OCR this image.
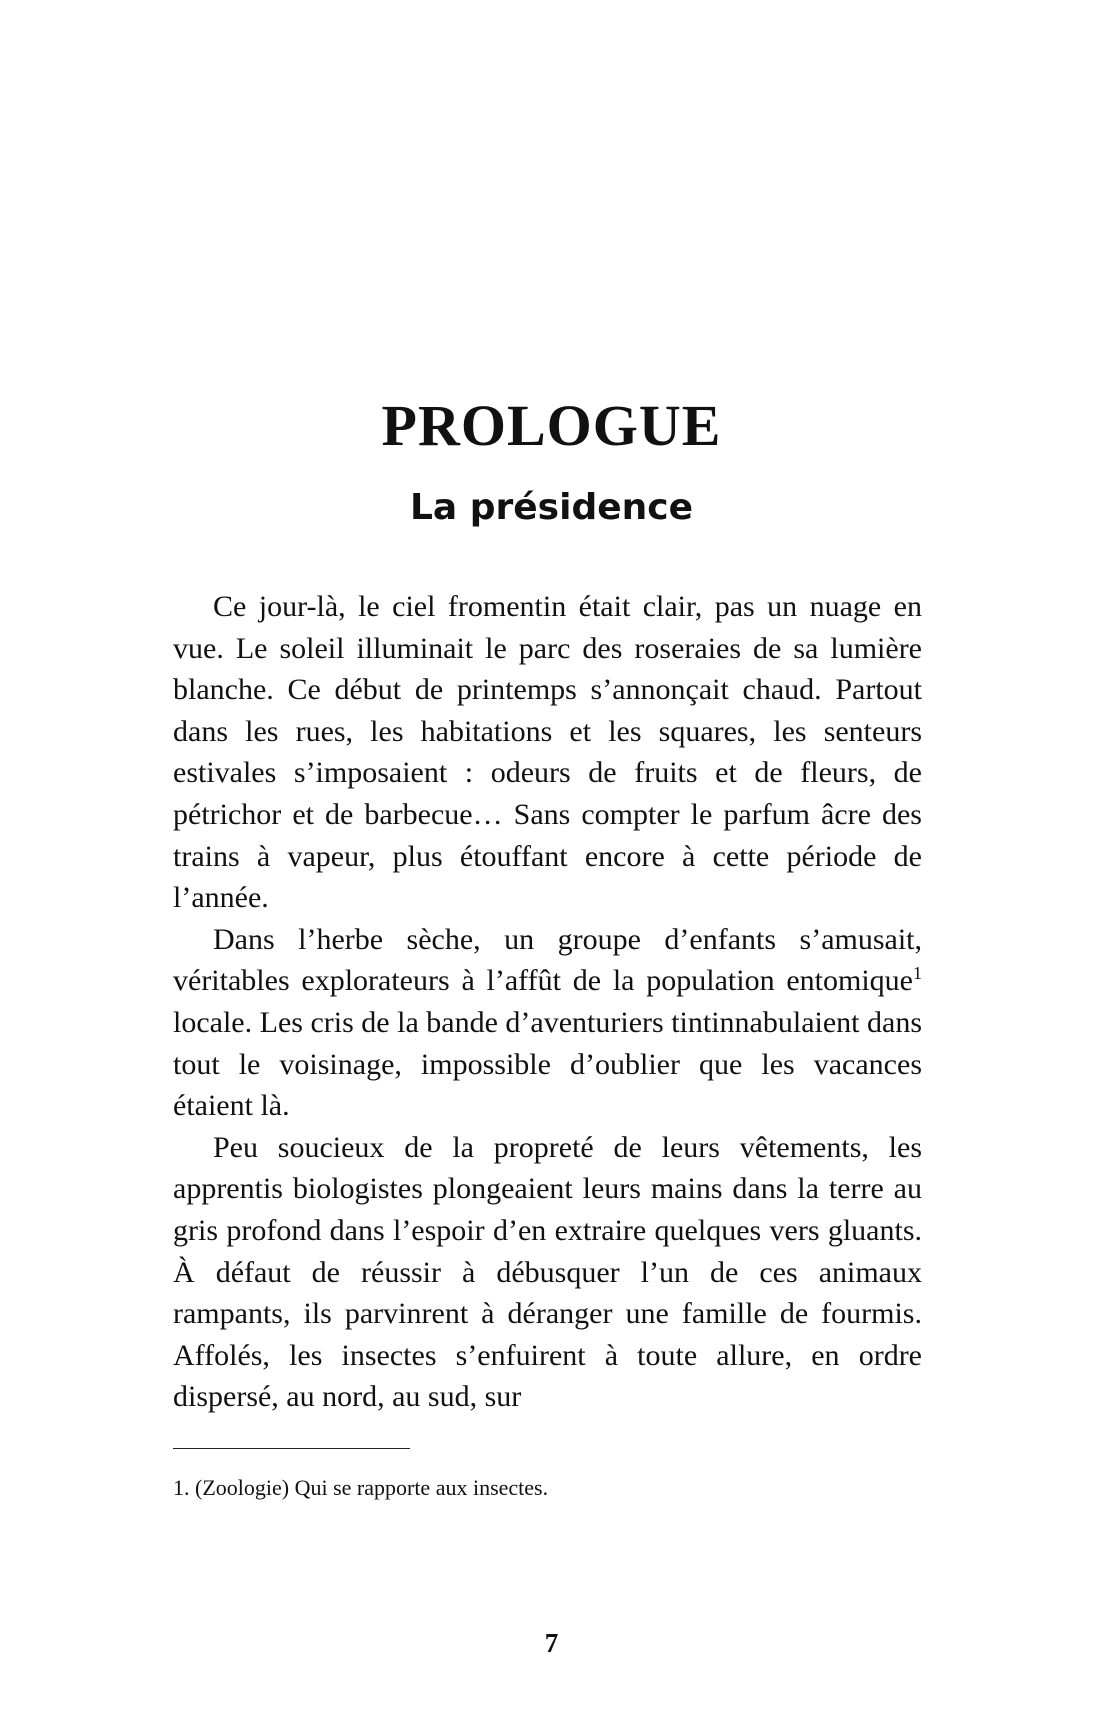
PROLOGUE
La présidence

Ce jour-là, le ciel fromentin était clair, pas un nuage en vue. Le soleil illuminait le parc des roseraies de sa lumière blanche. Ce début de printemps s’annonçait chaud. Partout dans les rues, les habitations et les squares, les senteurs estivales s’imposaient : odeurs de fruits et de fleurs, de pétrichor et de barbecue… Sans compter le parfum âcre des trains à vapeur, plus étouffant encore à cette période de l’année.

Dans l’herbe sèche, un groupe d’enfants s’amusait, véritables explorateurs à l’affût de la population entomique$^1$ locale. Les cris de la bande d’aventuriers tintinnabulaient dans tout le voisinage, impossible d’oublier que les vacances étaient là.

Peu soucieux de la propreté de leurs vêtements, les apprentis biologistes plongeaient leurs mains dans la terre au gris profond dans l’espoir d’en extraire quelques vers gluants. À défaut de réussir à débusquer l’un de ces animaux rampants, ils parvinrent à déranger une famille de fourmis. Affolés, les insectes s’enfuirent à toute allure, en ordre dispersé, au nord, au sud, sur

1. (Zoologie) Qui se rapporte aux insectes.

7
